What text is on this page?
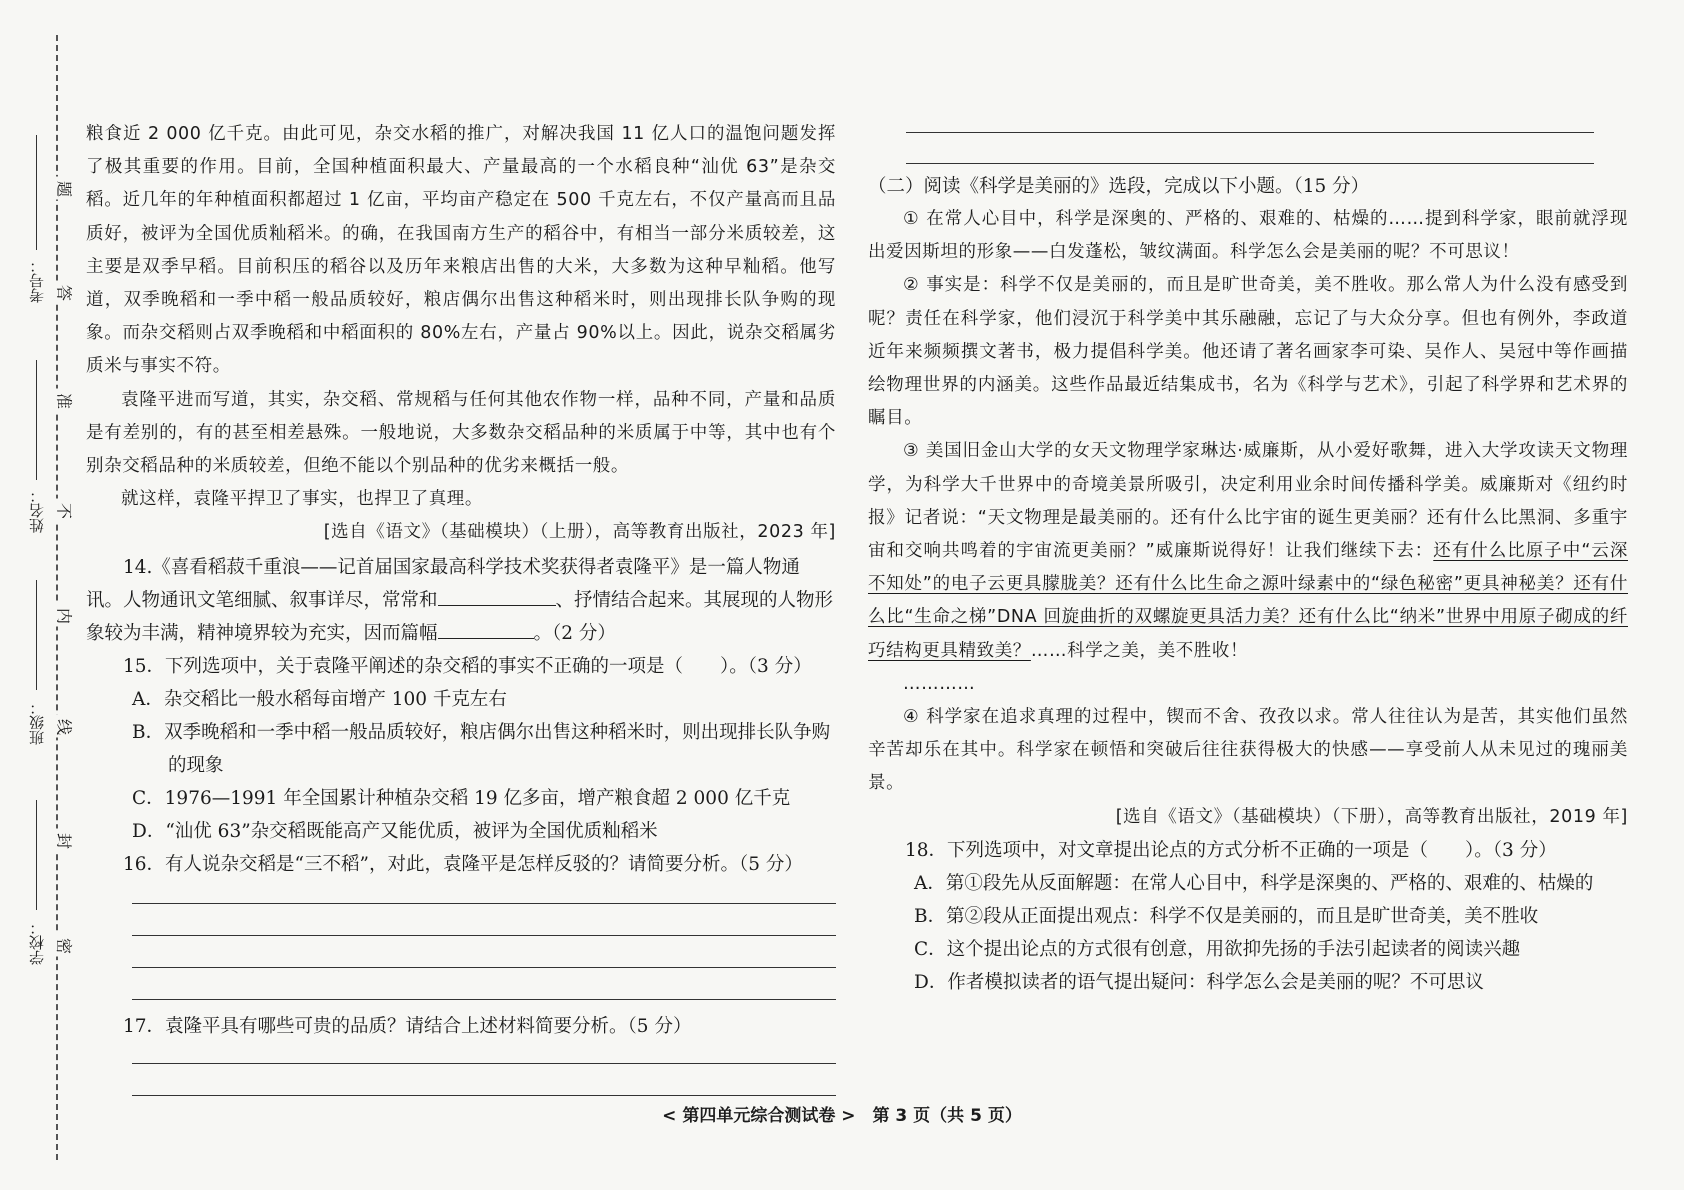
考号：
姓名：
班级：
学校：
题
答
准
不
内
线
封
密

粮食近 2 000 亿千克。由此可见，杂交水稻的推广，对解决我国 11 亿人口的温饱问题发挥了极其重要的作用。目前，全国种植面积最大、产量最高的一个水稻良种“汕优 63”是杂交稻。近几年的年种植面积都超过 1 亿亩，平均亩产稳定在 500 千克左右，不仅产量高而且品质好，被评为全国优质籼稻米。的确，在我国南方生产的稻谷中，有相当一部分米质较差，这主要是双季早稻。目前积压的稻谷以及历年来粮店出售的大米，大多数为这种早籼稻。他写道，双季晚稻和一季中稻一般品质较好，粮店偶尔出售这种稻米时，则出现排长队争购的现象。而杂交稻则占双季晚稻和中稻面积的 80%左右，产量占 90%以上。因此，说杂交稻属劣质米与事实不符。

袁隆平进而写道，其实，杂交稻、常规稻与任何其他农作物一样，品种不同，产量和品质是有差别的，有的甚至相差悬殊。一般地说，大多数杂交稻品种的米质属于中等，其中也有个别杂交稻品种的米质较差，但绝不能以个别品种的优劣来概括一般。

就这样，袁隆平捍卫了事实，也捍卫了真理。

[选自《语文》（基础模块）（上册），高等教育出版社，2023 年]

14.《喜看稻菽千重浪——记首届国家最高科学技术奖获得者袁隆平》是一篇人物通讯。人物通讯文笔细腻、叙事详尽，常常和	、抒情结合起来。其展现的人物形象较为丰满，精神境界较为充实，因而篇幅	。（2 分）

15．下列选项中，关于袁隆平阐述的杂交稻的事实不正确的一项是（　　）。（3 分）

A．杂交稻比一般水稻每亩增产 100 千克左右

B．双季晚稻和一季中稻一般品质较好，粮店偶尔出售这种稻米时，则出现排长队争购的现象

C．1976—1991 年全国累计种植杂交稻 19 亿多亩，增产粮食超 2 000 亿千克

D．“汕优 63”杂交稻既能高产又能优质，被评为全国优质籼稻米

16．有人说杂交稻是“三不稻”，对此，袁隆平是怎样反驳的？请简要分析。（5 分）

17．袁隆平具有哪些可贵的品质？请结合上述材料简要分析。（5 分）

（二）阅读《科学是美丽的》选段，完成以下小题。（15 分）

① 在常人心目中，科学是深奥的、严格的、艰难的、枯燥的……提到科学家，眼前就浮现出爱因斯坦的形象——白发蓬松，皱纹满面。科学怎么会是美丽的呢？不可思议！

② 事实是：科学不仅是美丽的，而且是旷世奇美，美不胜收。那么常人为什么没有感受到呢？责任在科学家，他们浸沉于科学美中其乐融融，忘记了与大众分享。但也有例外，李政道近年来频频撰文著书，极力提倡科学美。他还请了著名画家李可染、吴作人、吴冠中等作画描绘物理世界的内涵美。这些作品最近结集成书，名为《科学与艺术》，引起了科学界和艺术界的瞩目。

③ 美国旧金山大学的女天文物理学家琳达·威廉斯，从小爱好歌舞，进入大学攻读天文物理学，为科学大千世界中的奇境美景所吸引，决定利用业余时间传播科学美。威廉斯对《纽约时报》记者说：“天文物理是最美丽的。还有什么比宇宙的诞生更美丽？还有什么比黑洞、多重宇宙和交响共鸣着的宇宙流更美丽？”威廉斯说得好！让我们继续下去：还有什么比原子中“云深不知处”的电子云更具朦胧美？还有什么比生命之源叶绿素中的“绿色秘密”更具神秘美？还有什么比“生命之梯”DNA 回旋曲折的双螺旋更具活力美？还有什么比“纳米”世界中用原子砌成的纤巧结构更具精致美？……科学之美，美不胜收！

…………

④ 科学家在追求真理的过程中，锲而不舍、孜孜以求。常人往往认为是苦，其实他们虽然辛苦却乐在其中。科学家在顿悟和突破后往往获得极大的快感——享受前人从未见过的瑰丽美景。

[选自《语文》（基础模块）（下册），高等教育出版社，2019 年]

18．下列选项中，对文章提出论点的方式分析不正确的一项是（　　）。（3 分）

A．第①段先从反面解题：在常人心目中，科学是深奥的、严格的、艰难的、枯燥的

B．第②段从正面提出观点：科学不仅是美丽的，而且是旷世奇美，美不胜收

C．这个提出论点的方式很有创意，用欲抑先扬的手法引起读者的阅读兴趣

D．作者模拟读者的语气提出疑问：科学怎么会是美丽的呢？不可思议

< 第四单元综合测试卷 >　第 3 页（共 5 页）
